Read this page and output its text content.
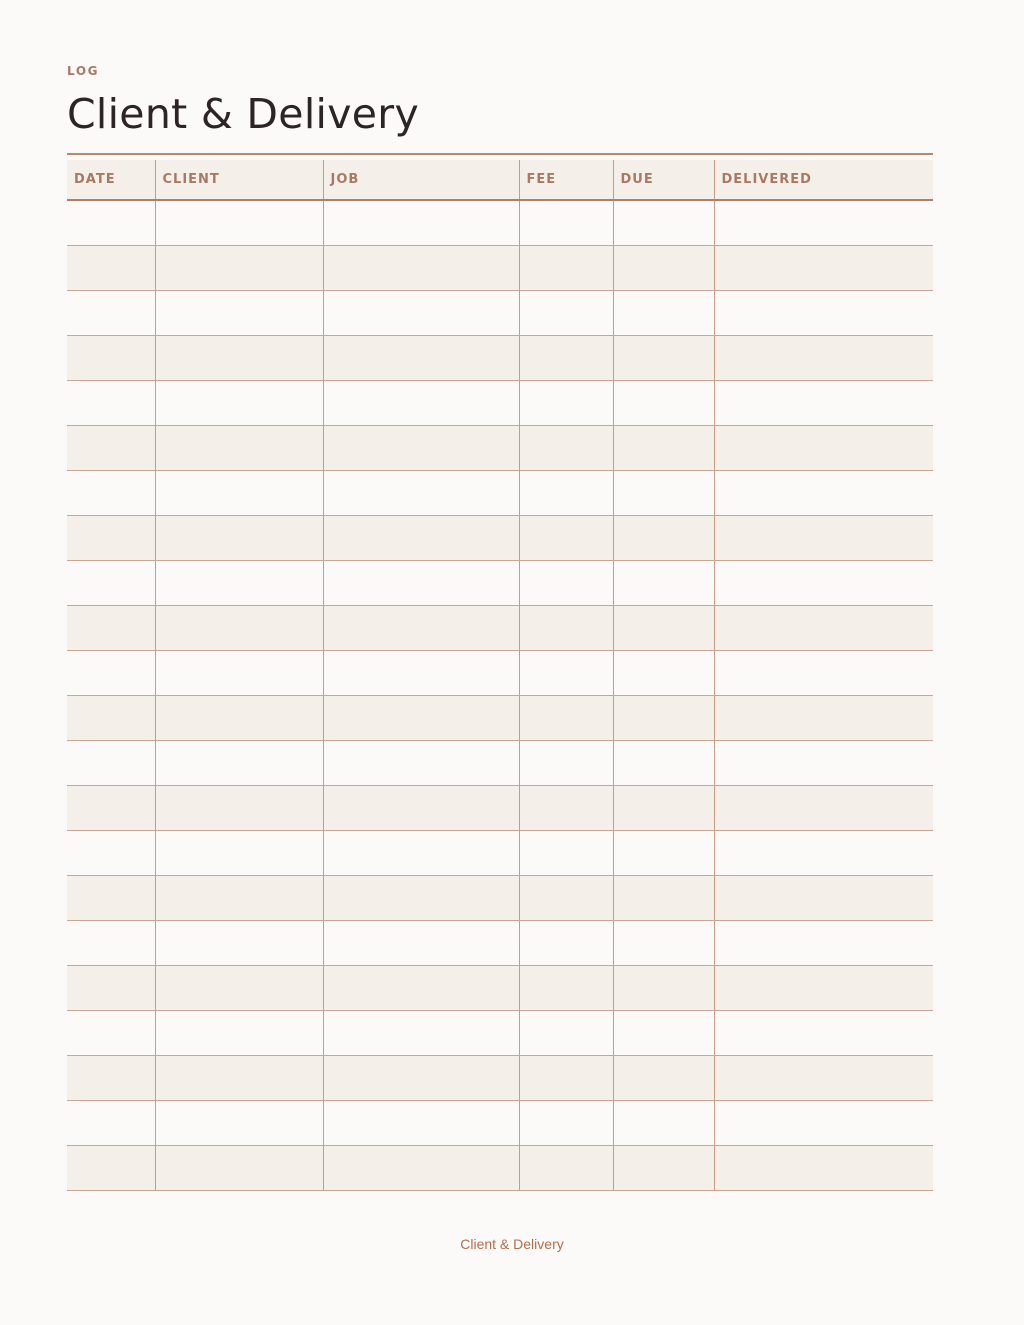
LOG
Client & Delivery
DATE	CLIENT	JOB	FEE	DUE	DELIVERED

Client & Delivery
